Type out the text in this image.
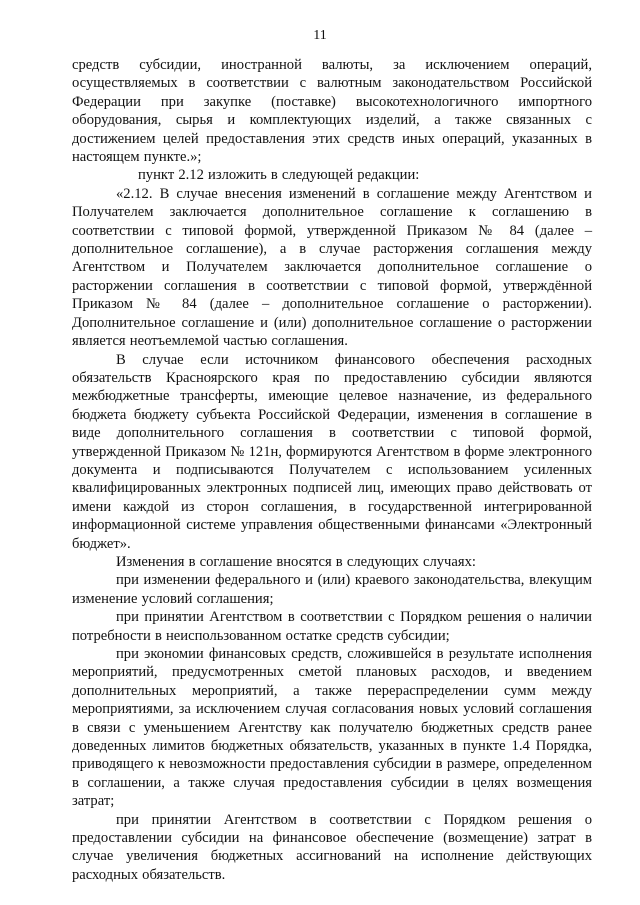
11

средств субсидии, иностранной валюты, за исключением операций, осуществляемых в соответствии с валютным законодательством Российской Федерации при закупке (поставке) высокотехнологичного импортного оборудования, сырья и комплектующих изделий, а также связанных с достижением целей предоставления этих средств иных операций, указанных в настоящем пункте.»;

пункт 2.12 изложить в следующей редакции:

«2.12. В случае внесения изменений в соглашение между Агентством и Получателем заключается дополнительное соглашение к соглашению в соответствии с типовой формой, утвержденной Приказом № 84 (далее – дополнительное соглашение), а в случае расторжения соглашения между Агентством и Получателем заключается дополнительное соглашение о расторжении соглашения в соответствии с типовой формой, утверждённой Приказом № 84 (далее – дополнительное соглашение о расторжении). Дополнительное соглашение и (или) дополнительное соглашение о расторжении является неотъемлемой частью соглашения.

В случае если источником финансового обеспечения расходных обязательств Красноярского края по предоставлению субсидии являются межбюджетные трансферты, имеющие целевое назначение, из федерального бюджета бюджету субъекта Российской Федерации, изменения в соглашение в виде дополнительного соглашения в соответствии с типовой формой, утвержденной Приказом № 121н, формируются Агентством в форме электронного документа и подписываются Получателем с использованием усиленных квалифицированных электронных подписей лиц, имеющих право действовать от имени каждой из сторон соглашения, в государственной интегрированной информационной системе управления общественными финансами «Электронный бюджет».

Изменения в соглашение вносятся в следующих случаях:

при изменении федерального и (или) краевого законодательства, влекущим изменение условий соглашения;

при принятии Агентством в соответствии с Порядком решения о наличии потребности в неиспользованном остатке средств субсидии;

при экономии финансовых средств, сложившейся в результате исполнения мероприятий, предусмотренных сметой плановых расходов, и введением дополнительных мероприятий, а также перераспределении сумм между мероприятиями, за исключением случая согласования новых условий соглашения в связи с уменьшением Агентству как получателю бюджетных средств ранее доведенных лимитов бюджетных обязательств, указанных в пункте 1.4 Порядка, приводящего к невозможности предоставления субсидии в размере, определенном в соглашении, а также случая предоставления субсидии в целях возмещения затрат;

при принятии Агентством в соответствии с Порядком решения о предоставлении субсидии на финансовое обеспечение (возмещение) затрат в случае увеличения бюджетных ассигнований на исполнение действующих расходных обязательств.
